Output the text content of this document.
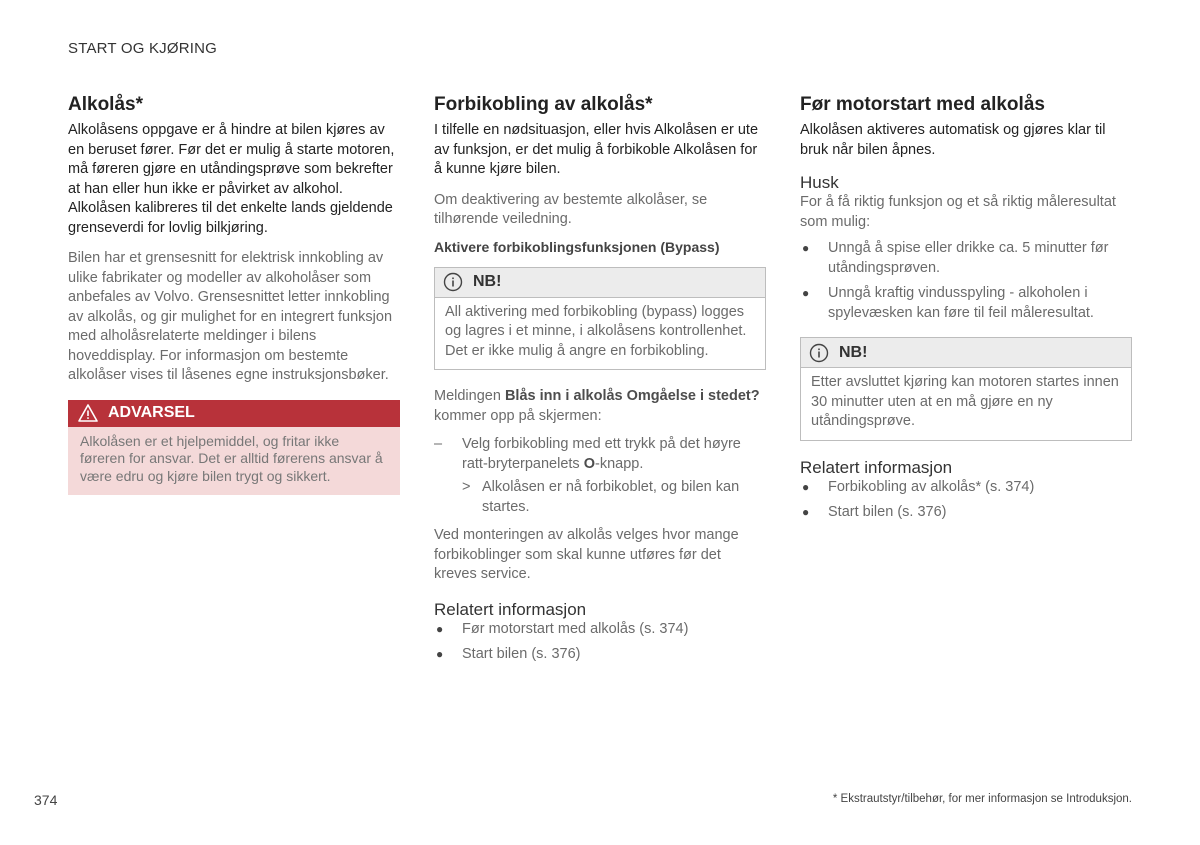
START OG KJØRING
Alkolås*

Alkolåsens oppgave er å hindre at bilen kjøres av en beruset fører. Før det er mulig å starte motoren, må føreren gjøre en utåndingsprøve som bekrefter at han eller hun ikke er påvirket av alkohol. Alkolåsen kalibreres til det enkelte lands gjeldende grenseverdi for lovlig bilkjøring.

Bilen har et grensesnitt for elektrisk innkobling av ulike fabrikater og modeller av alkoholåser som anbefales av Volvo. Grensesnittet letter innkobling av alkolås, og gir mulighet for en integrert funksjon med alholåsrelaterte meldinger i bilens hoveddisplay. For informasjon om bestemte alkolåser vises til låsenes egne instruksjonsbøker.

ADVARSEL
Alkolåsen er et hjelpemiddel, og fritar ikke føreren for ansvar. Det er alltid førerens ansvar å være edru og kjøre bilen trygt og sikkert.
Forbikobling av alkolås*

I tilfelle en nødsituasjon, eller hvis Alkolåsen er ute av funksjon, er det mulig å forbikoble Alkolåsen for å kunne kjøre bilen.

Om deaktivering av bestemte alkolåser, se tilhørende veiledning.

Aktivere forbikoblingsfunksjonen (Bypass)
NB!
All aktivering med forbikobling (bypass) logges og lagres i et minne, i alkolåsens kontrollenhet. Det er ikke mulig å angre en forbikobling.

Meldingen Blås inn i alkolås Omgåelse i stedet? kommer opp på skjermen:

– Velg forbikobling med ett trykk på det høyre ratt-bryterpanelets O-knapp.
> Alkolåsen er nå forbikoblet, og bilen kan startes.

Ved monteringen av alkolås velges hvor mange forbikoblinger som skal kunne utføres før det kreves service.

Relatert informasjon
● Før motorstart med alkolås (s. 374)
● Start bilen (s. 376)
Før motorstart med alkolås

Alkolåsen aktiveres automatisk og gjøres klar til bruk når bilen åpnes.

Husk

For å få riktig funksjon og et så riktig måleresultat som mulig:

● Unngå å spise eller drikke ca. 5 minutter før utåndingsprøven.
● Unngå kraftig vindusspyling - alkoholen i spylevæsken kan føre til feil måleresultat.
NB!
Etter avsluttet kjøring kan motoren startes innen 30 minutter uten at en må gjøre en ny utåndingsprøve.
Relatert informasjon
● Forbikobling av alkolås* (s. 374)
● Start bilen (s. 376)
374	* Ekstrautstyr/tilbehør, for mer informasjon se Introduksjon.
